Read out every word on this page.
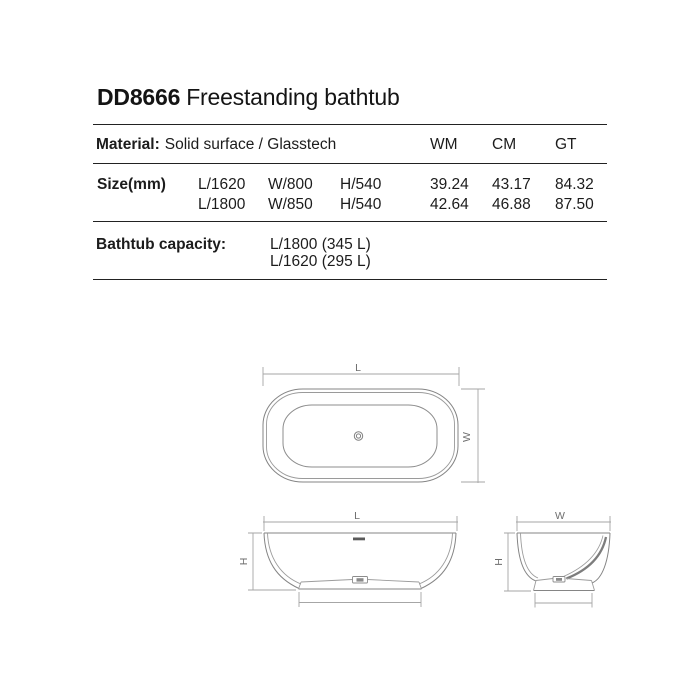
DD8666 Freestanding bathtub
Material: Solid surface / Glasstech	WM CM	GT
Size(mm) L/1620 W/800 H/540	39.24 43.17 84.32
L/1800 W/850 H/540	42.64 46.88 87.50
Bathtub capacity:	L/1800 (345 L)
L/1620 (295 L)
L
W
L
H
W
H
